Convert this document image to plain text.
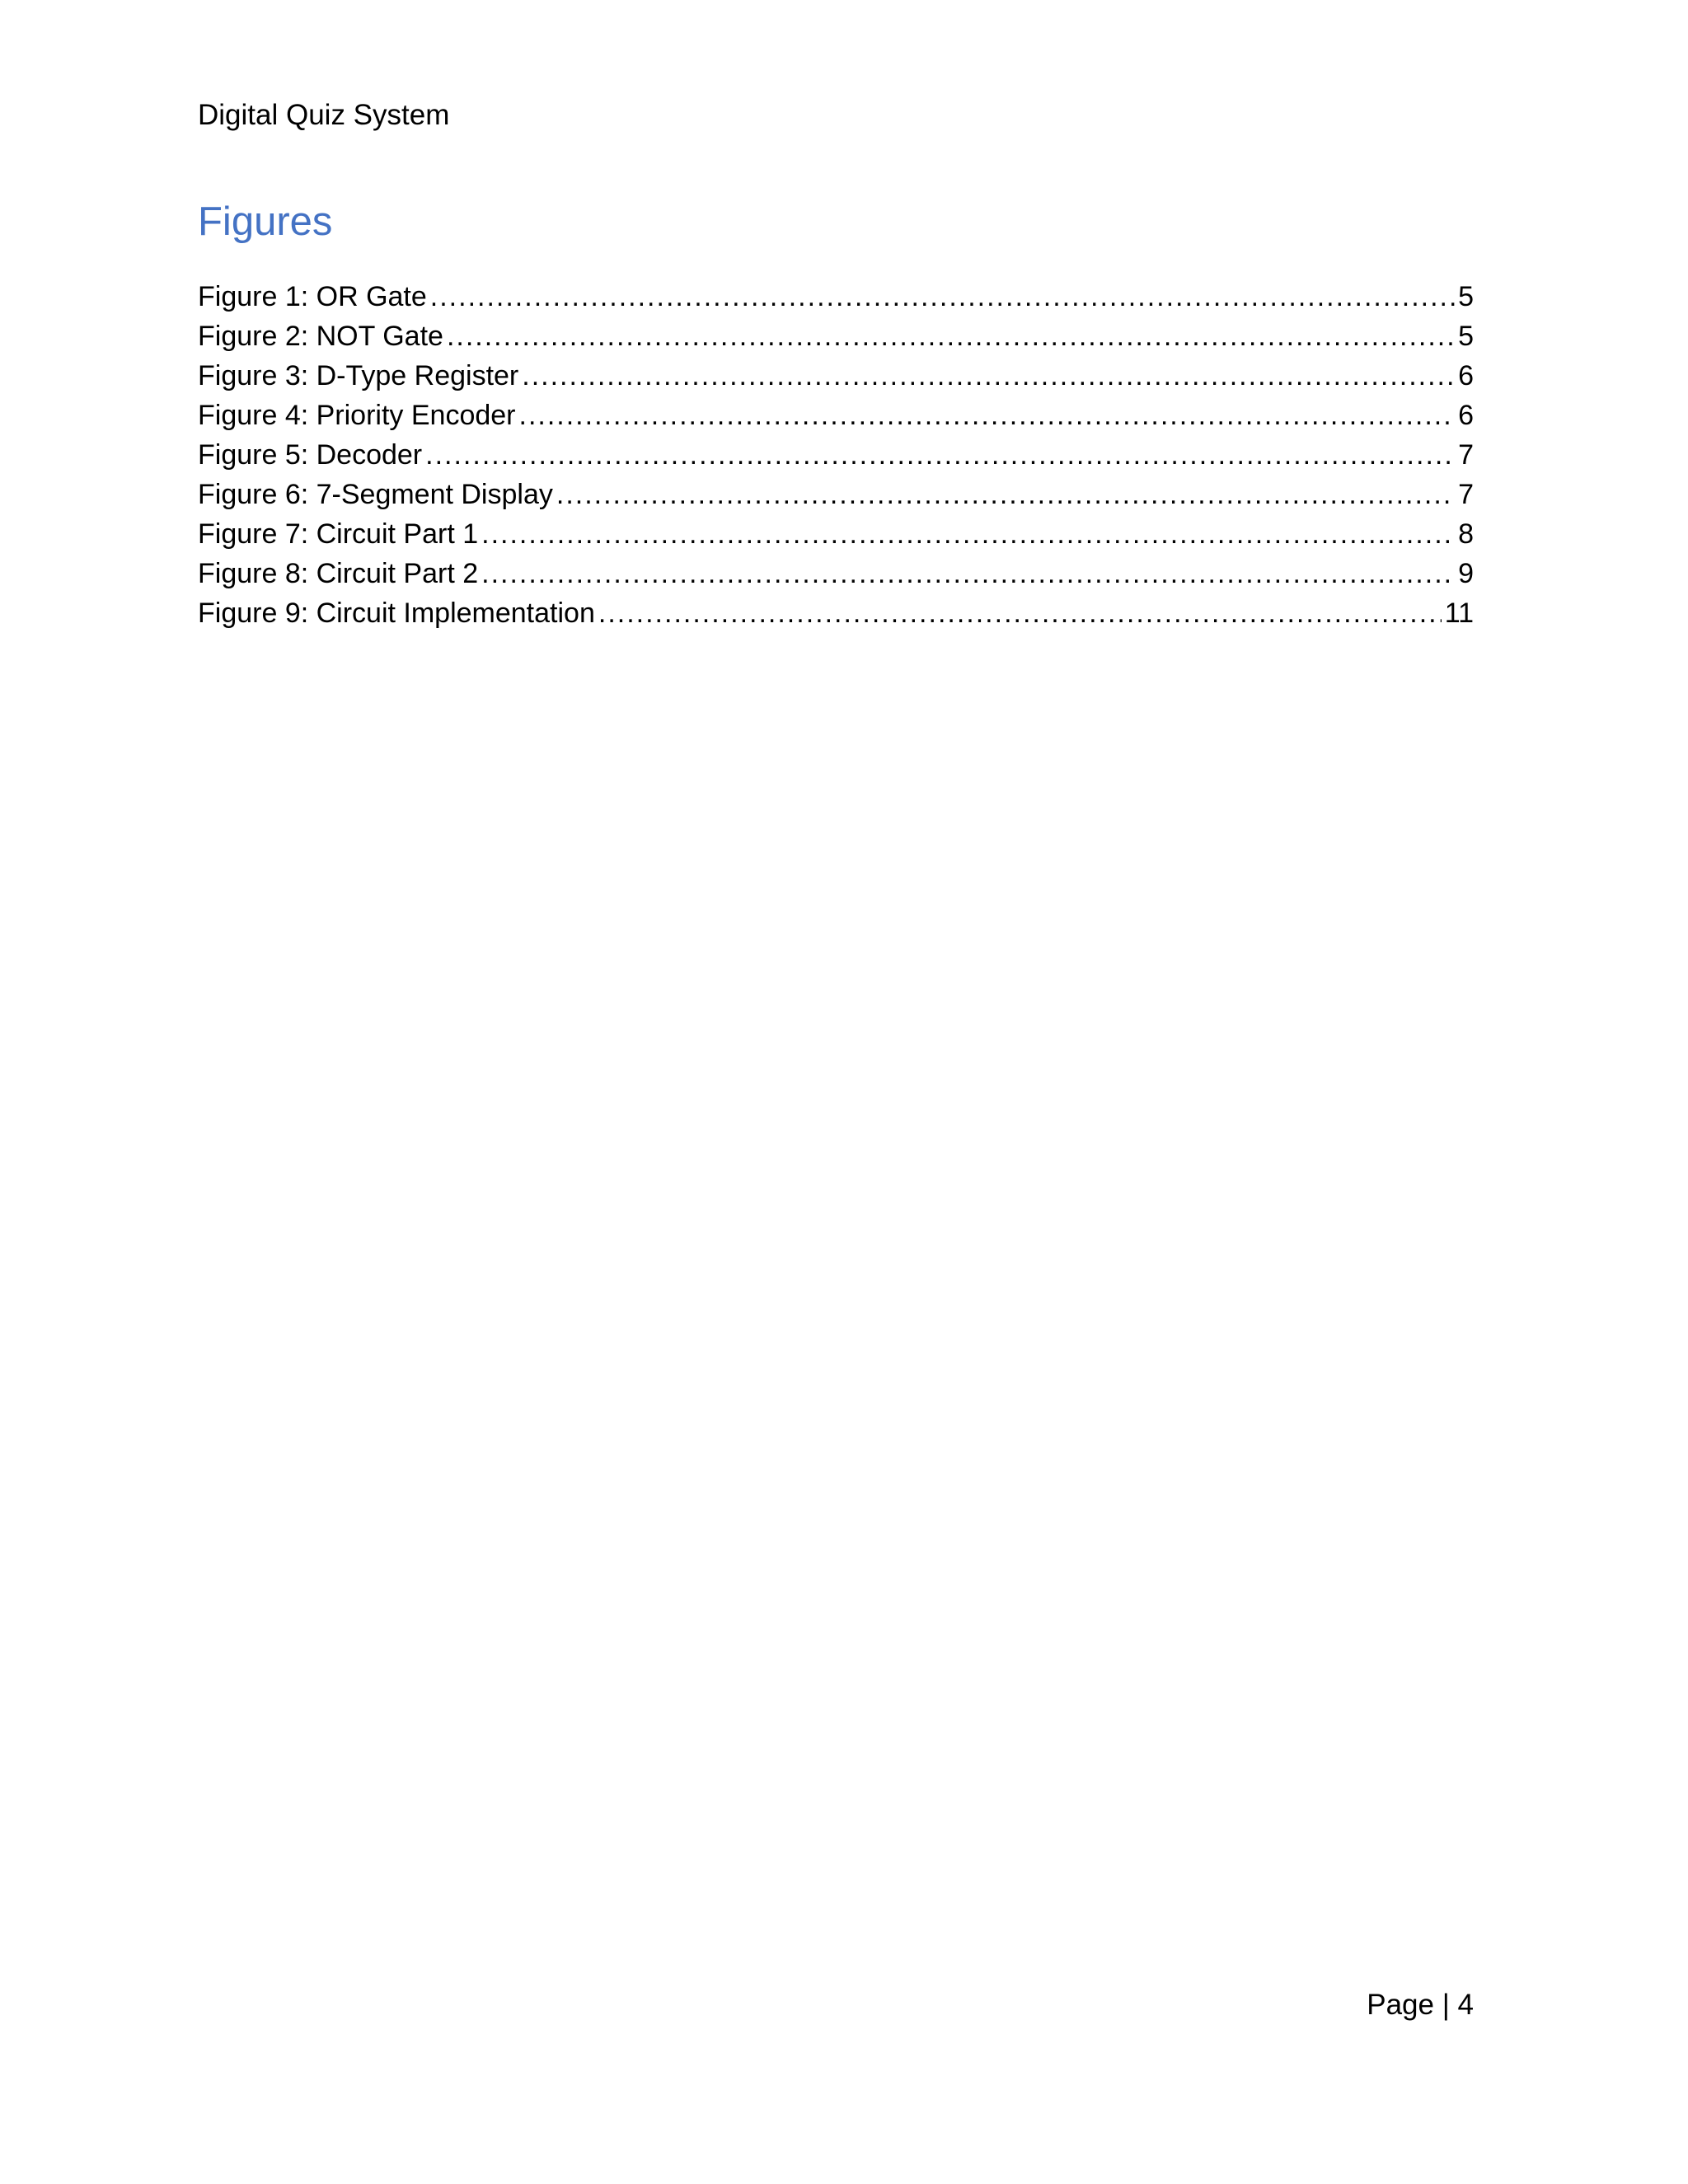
Digital Quiz System
Figures
Figure 1: OR Gate .....	5
Figure 2: NOT Gate .....	5
Figure 3: D-Type Register .....	6
Figure 4: Priority Encoder .....	6
Figure 5: Decoder .....	7
Figure 6: 7-Segment Display .....	7
Figure 7: Circuit Part 1 .....	8
Figure 8: Circuit Part 2 .....	9
Figure 9: Circuit Implementation .....	11
Page | 4
